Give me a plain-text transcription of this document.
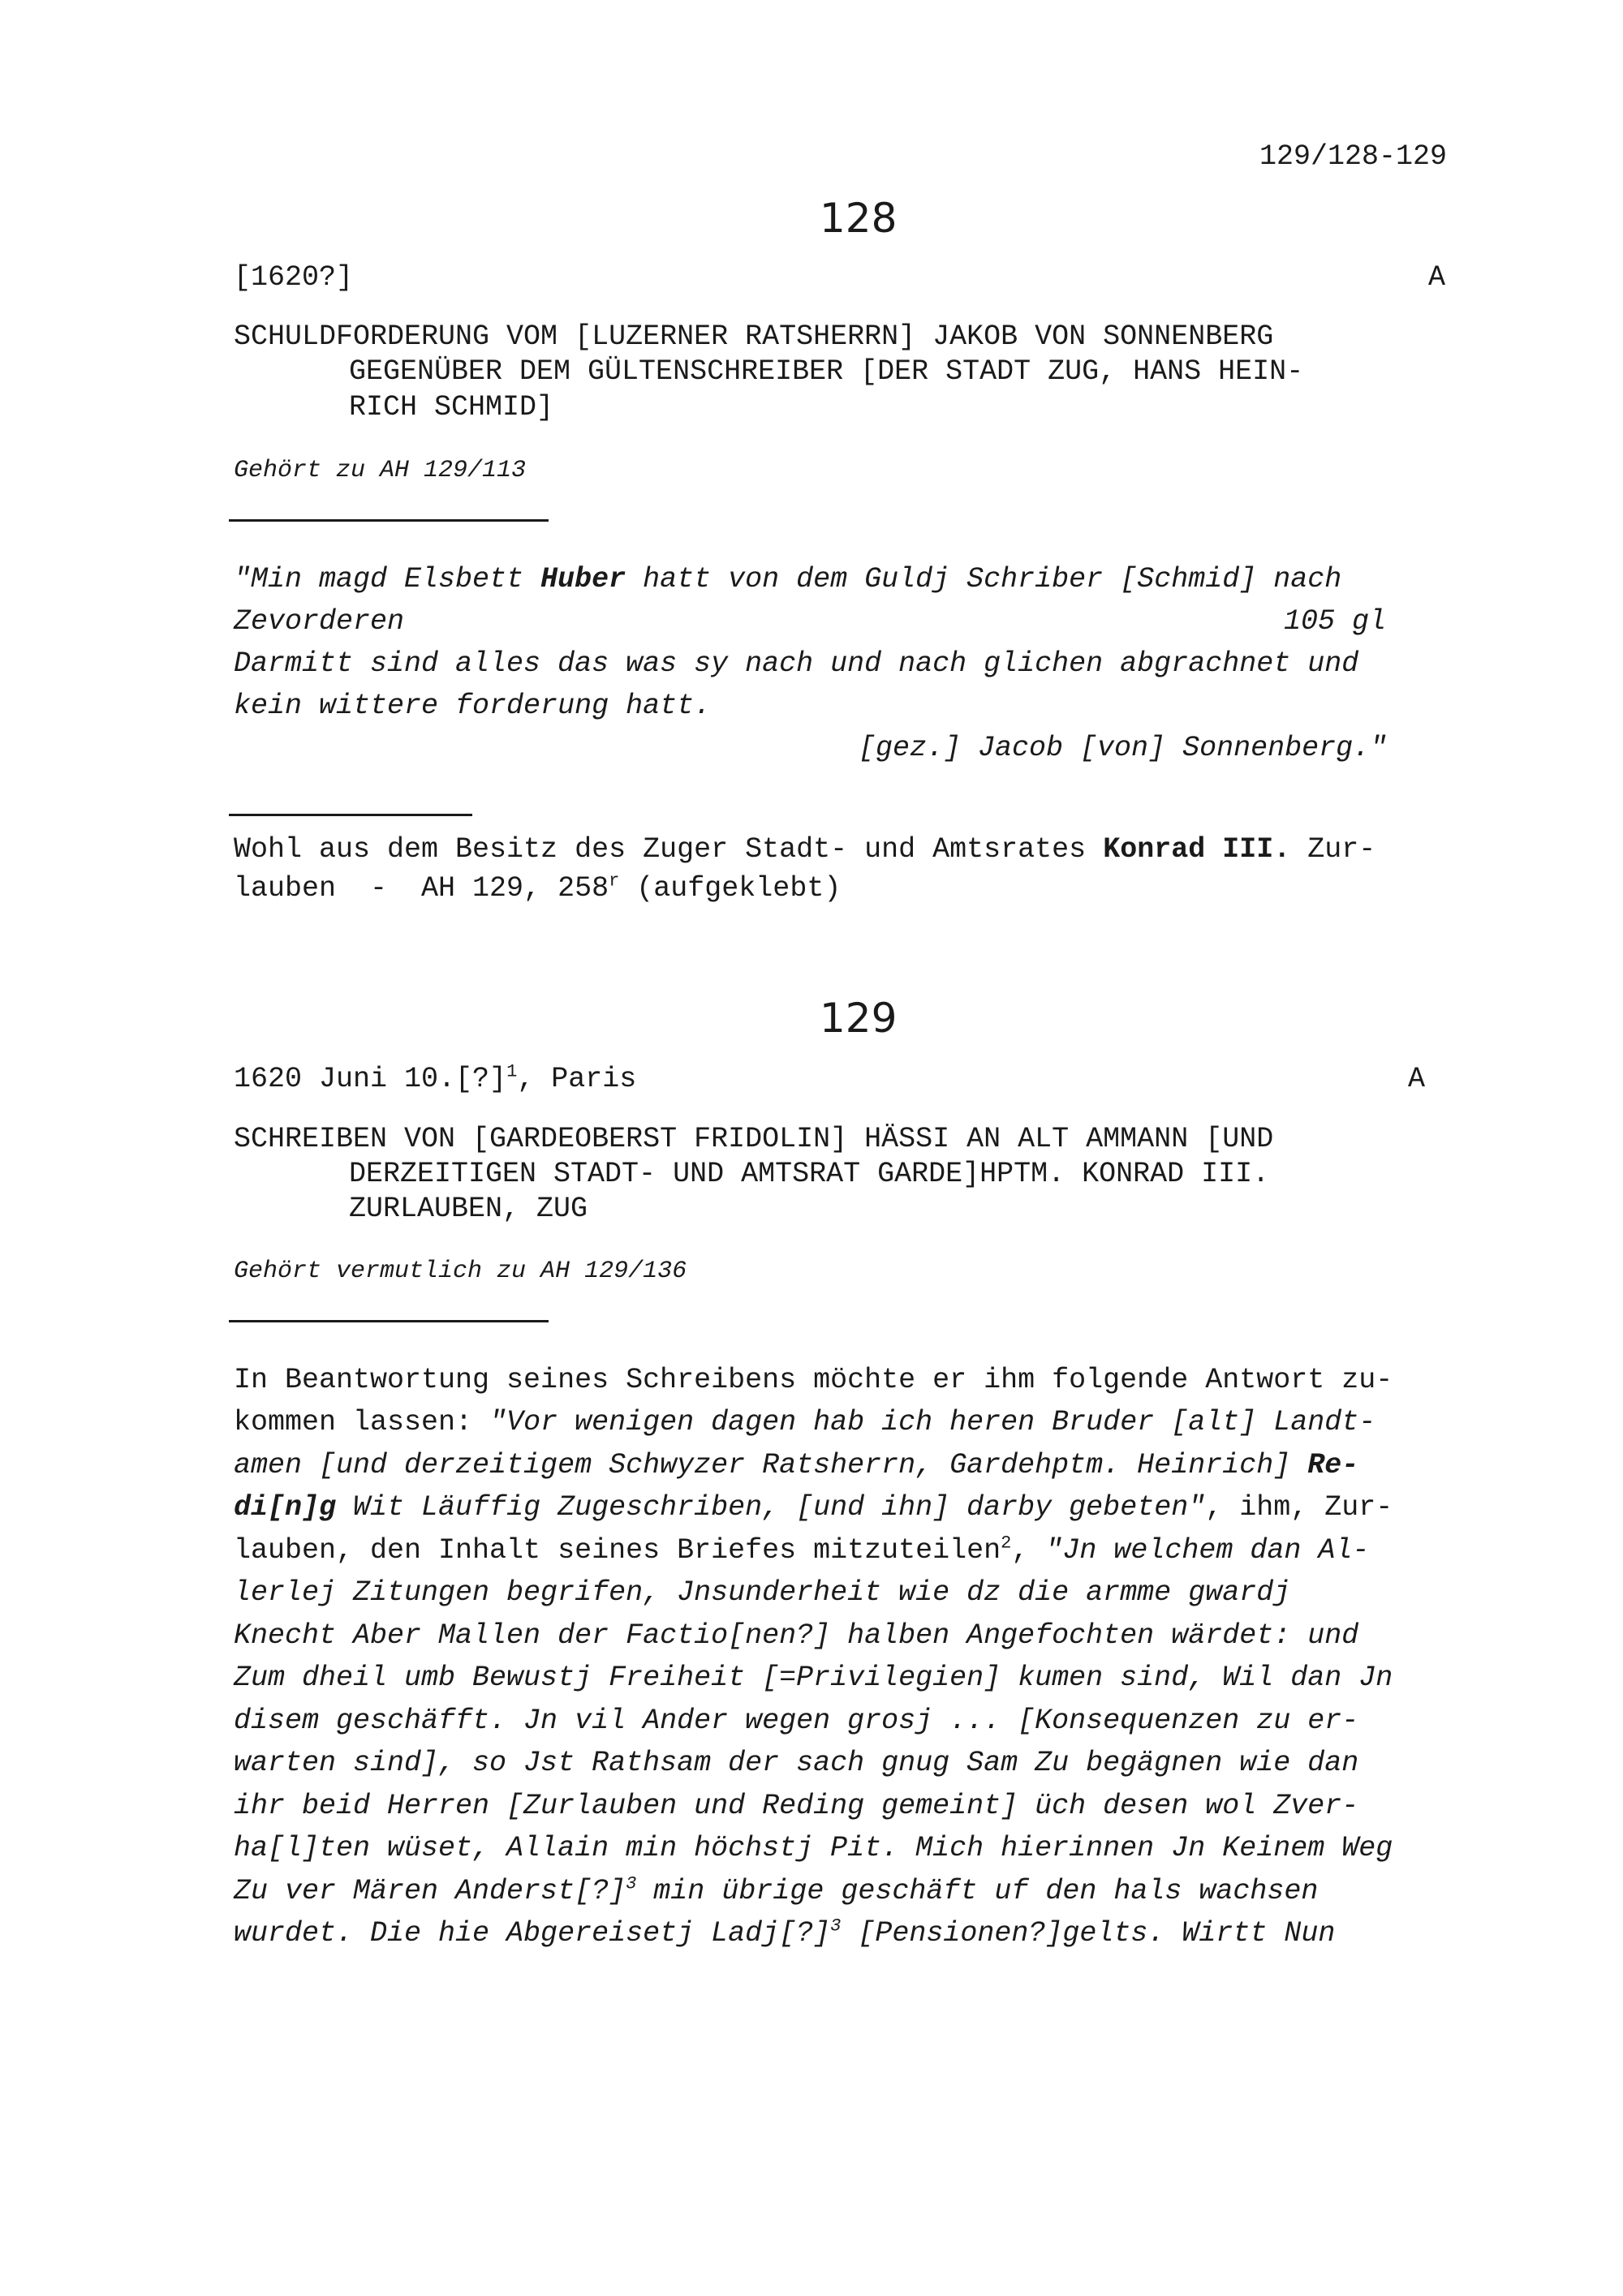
129/128-129
128
[1620?]	A
SCHULDFORDERUNG VOM [LUZERNER RATSHERRN] JAKOB VON SONNENBERG
GEGENÜBER DEM GÜLTENSCHREIBER [DER STADT ZUG, HANS HEIN-
RICH SCHMID]
Gehört zu AH 129/113
"Min magd Elsbett Huber hatt von dem Guldj Schriber [Schmid] nach
Zevorderen	105 gl
Darmitt sind alles das was sy nach und nach glichen abgrachnet und
kein wittere forderung hatt.
[gez.] Jacob [von] Sonnenberg."
Wohl aus dem Besitz des Zuger Stadt- und Amtsrates Konrad III. Zur-
lauben  -  AH 129, 258$^r$ (aufgeklebt)
129
1620 Juni 10.[?]$^1$, Paris	A
SCHREIBEN VON [GARDEOBERST FRIDOLIN] HÄSSI AN ALT AMMANN [UND
DERZEITIGEN STADT- UND AMTSRAT GARDE]HPTM. KONRAD III.
ZURLAUBEN, ZUG
Gehört vermutlich zu AH 129/136
In Beantwortung seines Schreibens möchte er ihm folgende Antwort zu-
kommen lassen: "Vor wenigen dagen hab ich heren Bruder [alt] Landt-
amen [und derzeitigem Schwyzer Ratsherrn, Gardehptm. Heinrich] Re-
di[n]g Wit Läuffig Zugeschriben, [und ihn] darby gebeten", ihm, Zur-
lauben, den Inhalt seines Briefes mitzuteilen$^2$, "Jn welchem dan Al-
lerlej Zitungen begrifen, Jnsunderheit wie dz die armme gwardj
Knecht Aber Mallen der Factio[nen?] halben Angefochten wärdet: und
Zum dheil umb Bewustj Freiheit [=Privilegien] kumen sind, Wil dan Jn
disem geschäfft. Jn vil Ander wegen grosj ... [Konsequenzen zu er-
warten sind], so Jst Rathsam der sach gnug Sam Zu begägnen wie dan
ihr beid Herren [Zurlauben und Reding gemeint] üch desen wol Zver-
ha[l]ten wüset, Allain min höchstj Pit. Mich hierinnen Jn Keinem Weg
Zu ver Mären Anderst[?]$^3$ min übrige geschäft uf den hals wachsen
wurdet. Die hie Abgereisetj Ladj[?]$^3$ [Pensionen?]gelts. Wirtt Nun
